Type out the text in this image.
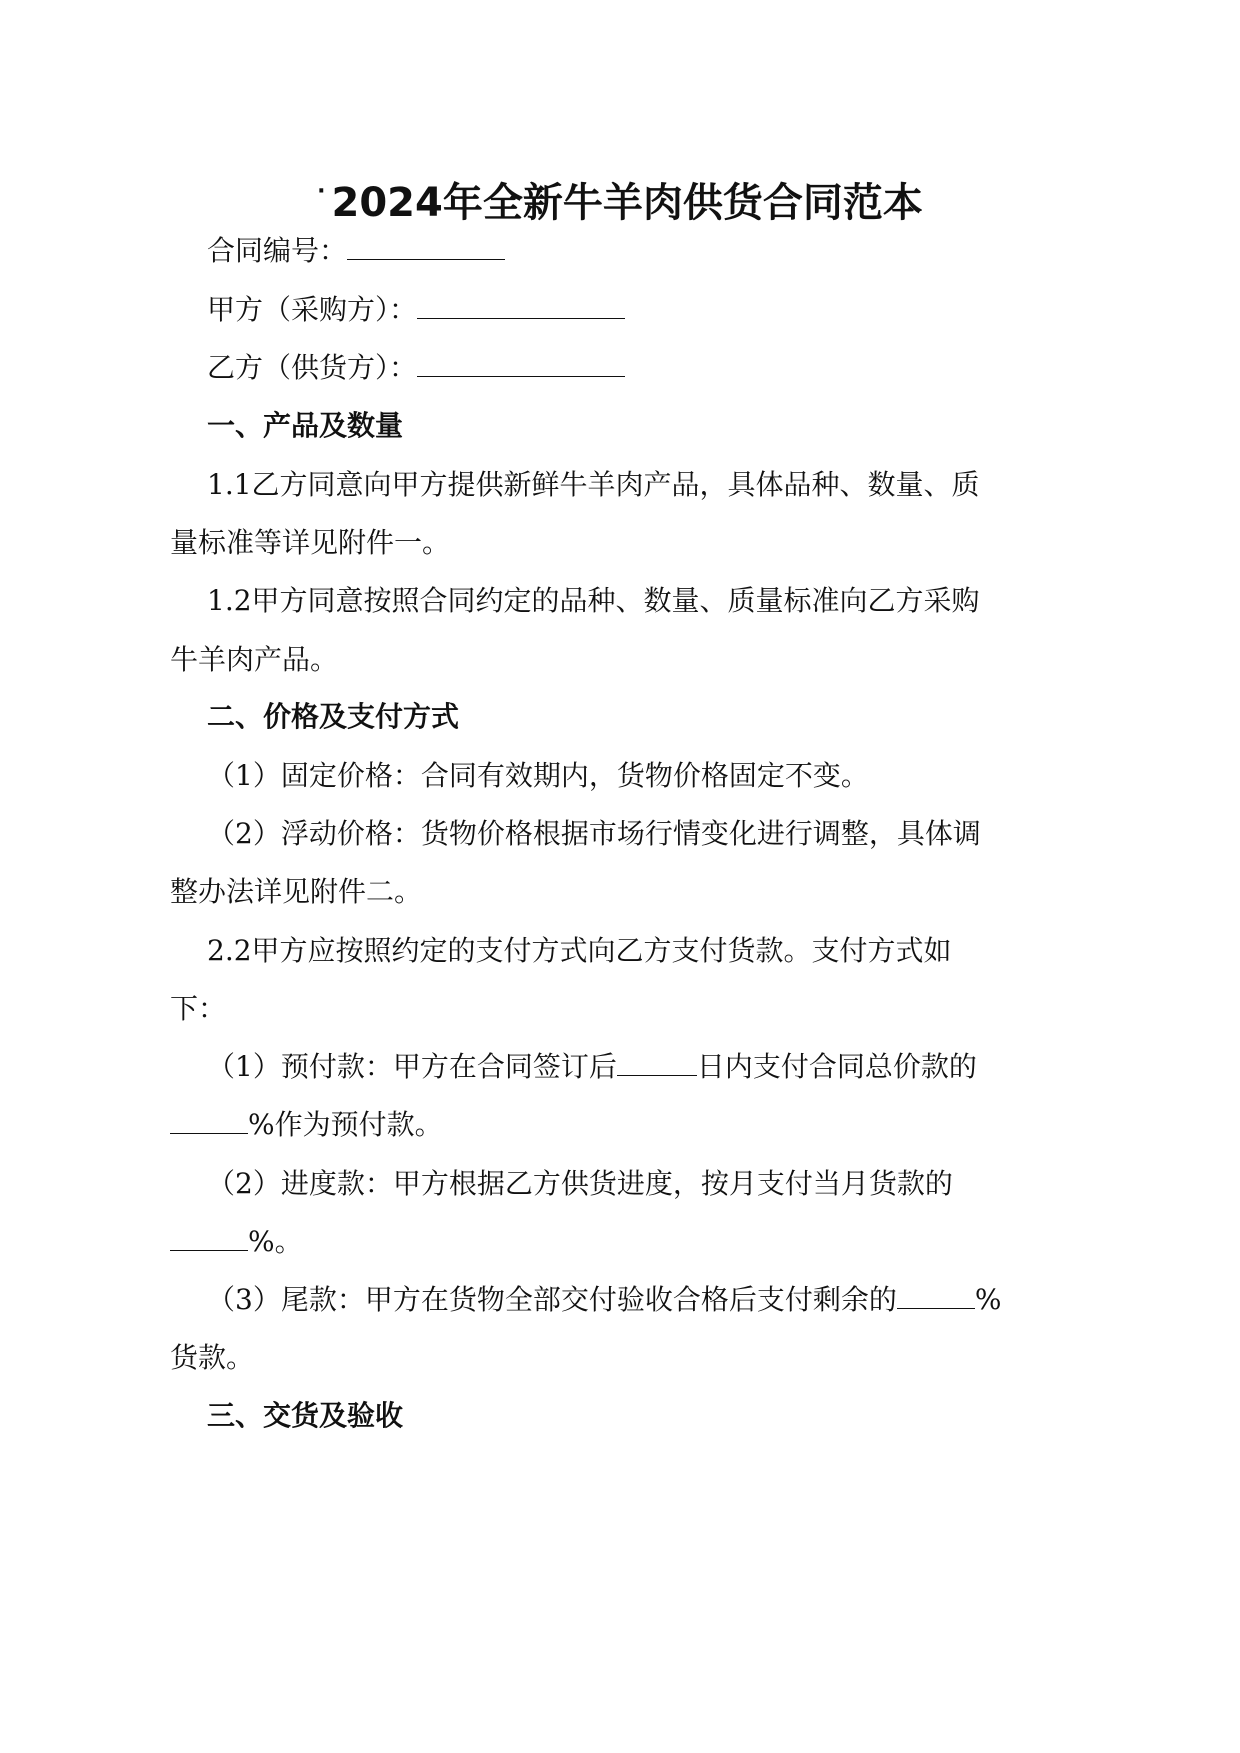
· 2024年全新牛羊肉供货合同范本
合同编号：
甲方（采购方）：
乙方（供货方）：
一、产品及数量
1.1乙方同意向甲方提供新鲜牛羊肉产品，具体品种、数量、质
量标准等详见附件一。
1.2甲方同意按照合同约定的品种、数量、质量标准向乙方采购
牛羊肉产品。
二、价格及支付方式
（1）固定价格：合同有效期内，货物价格固定不变。
（2）浮动价格：货物价格根据市场行情变化进行调整，具体调
整办法详见附件二。
2.2甲方应按照约定的支付方式向乙方支付货款。支付方式如
下：
（1）预付款：甲方在合同签订后	日内支付合同总价款的
%作为预付款。
（2）进度款：甲方根据乙方供货进度，按月支付当月货款的
%。
（3）尾款：甲方在货物全部交付验收合格后支付剩余的	%
货款。
三、交货及验收
